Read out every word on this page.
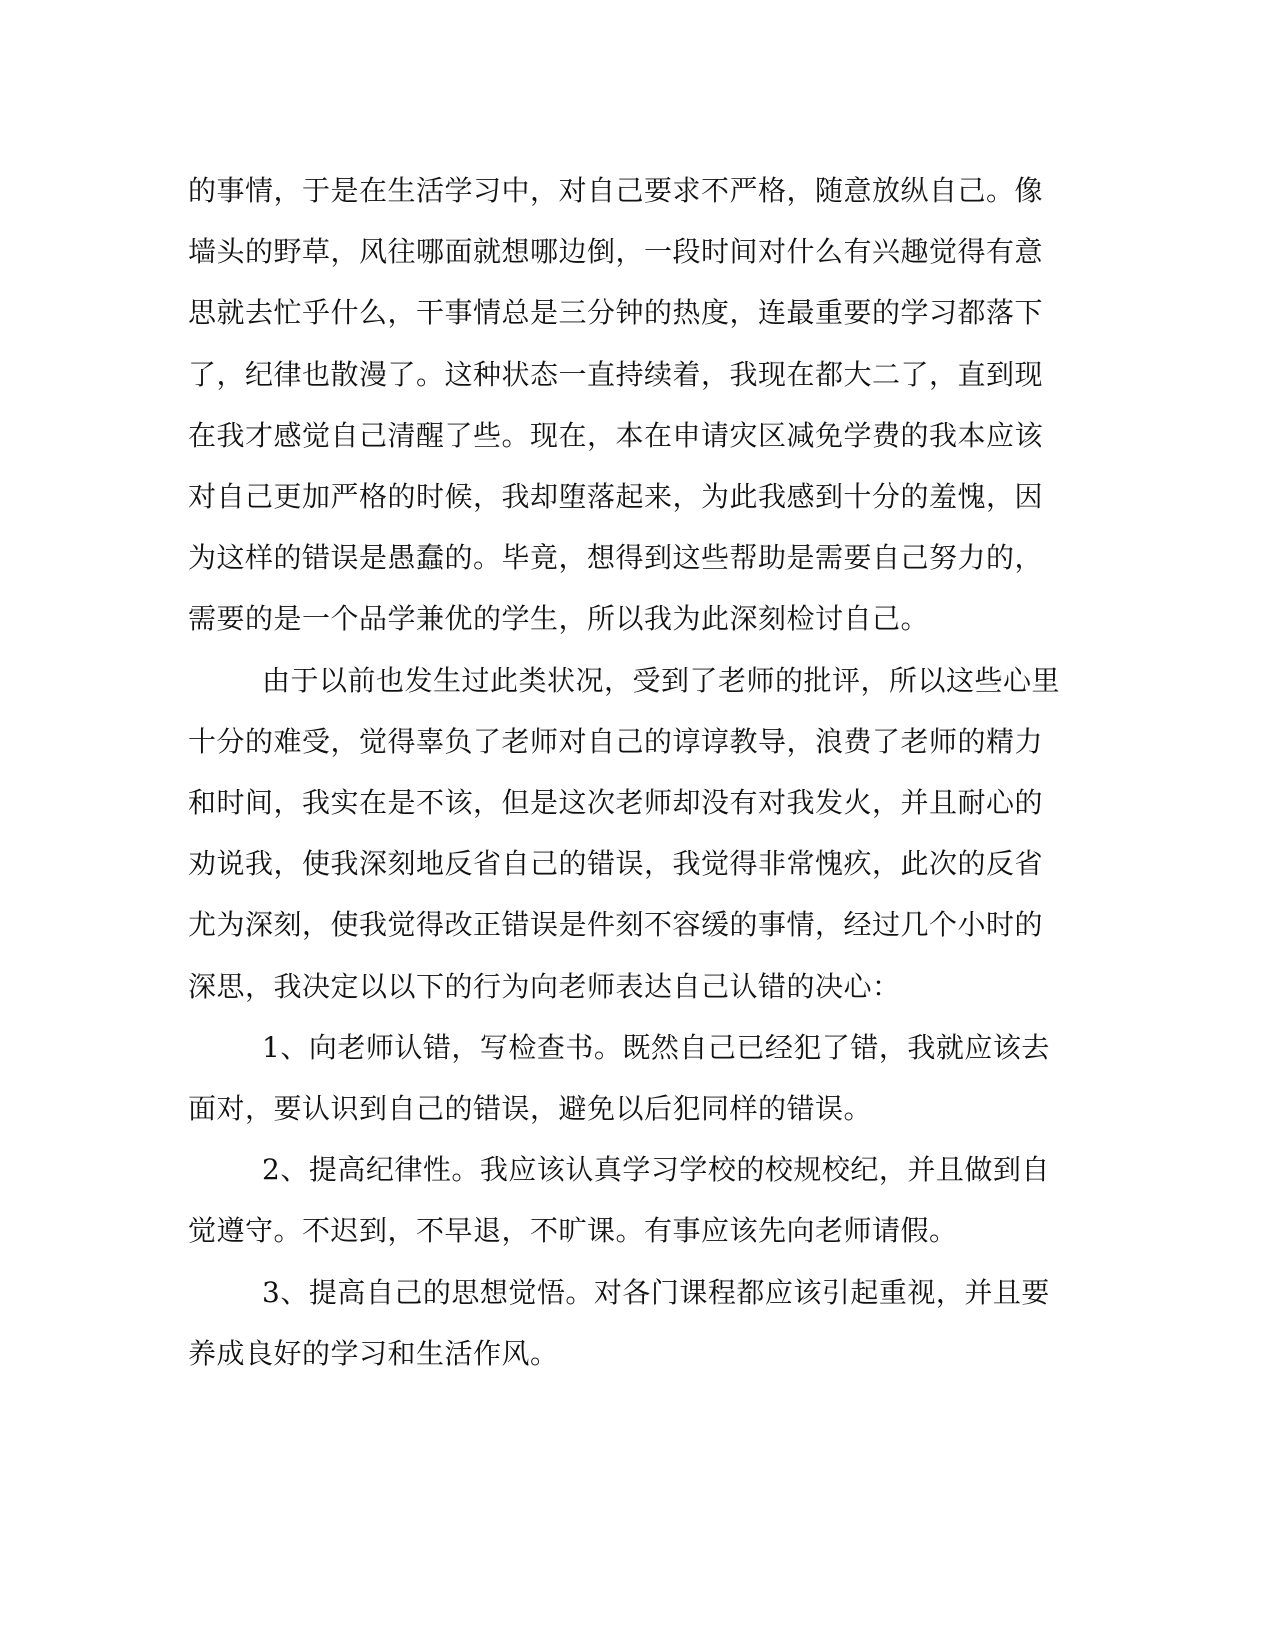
的事情，于是在生活学习中，对自己要求不严格，随意放纵自己。像
墙头的野草，风往哪面就想哪边倒，一段时间对什么有兴趣觉得有意
思就去忙乎什么，干事情总是三分钟的热度，连最重要的学习都落下
了，纪律也散漫了。这种状态一直持续着，我现在都大二了，直到现
在我才感觉自己清醒了些。现在，本在申请灾区减免学费的我本应该
对自己更加严格的时候，我却堕落起来，为此我感到十分的羞愧，因
为这样的错误是愚蠢的。毕竟，想得到这些帮助是需要自己努力的，
需要的是一个品学兼优的学生，所以我为此深刻检讨自己。
由于以前也发生过此类状况，受到了老师的批评，所以这些心里
十分的难受，觉得辜负了老师对自己的谆谆教导，浪费了老师的精力
和时间，我实在是不该，但是这次老师却没有对我发火，并且耐心的
劝说我，使我深刻地反省自己的错误，我觉得非常愧疚，此次的反省
尤为深刻，使我觉得改正错误是件刻不容缓的事情，经过几个小时的
深思，我决定以以下的行为向老师表达自己认错的决心：
1、向老师认错，写检查书。既然自己已经犯了错，我就应该去
面对，要认识到自己的错误，避免以后犯同样的错误。
2、提高纪律性。我应该认真学习学校的校规校纪，并且做到自
觉遵守。不迟到，不早退，不旷课。有事应该先向老师请假。
3、提高自己的思想觉悟。对各门课程都应该引起重视，并且要
养成良好的学习和生活作风。
